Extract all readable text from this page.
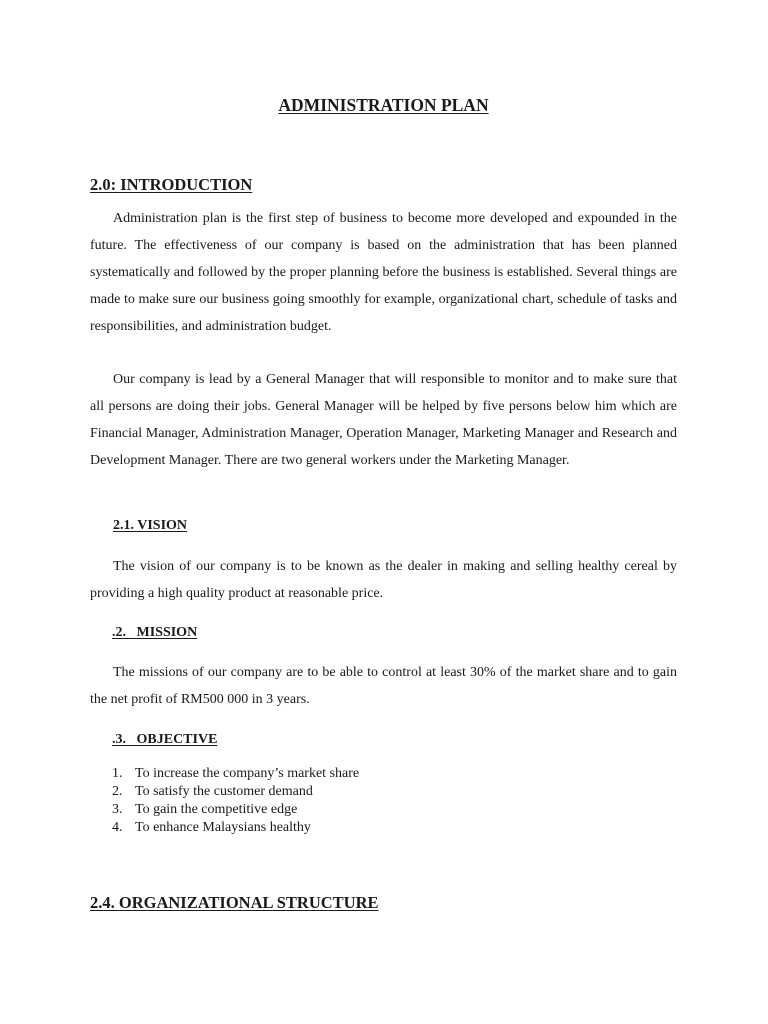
ADMINISTRATION PLAN
2.0: INTRODUCTION

Administration plan is the first step of business to become more developed and expounded in the future. The effectiveness of our company is based on the administration that has been planned systematically and followed by the proper planning before the business is established. Several things are made to make sure our business going smoothly for example, organizational chart, schedule of tasks and responsibilities, and administration budget.

Our company is lead by a General Manager that will responsible to monitor and to make sure that all persons are doing their jobs. General Manager will be helped by five persons below him which are Financial Manager, Administration Manager, Operation Manager, Marketing Manager and Research and Development Manager. There are two general workers under the Marketing Manager.

2.1. VISION

The vision of our company is to be known as the dealer in making and selling healthy cereal by providing a high quality product at reasonable price.

.2.   MISSION

The missions of our company are to be able to control at least 30% of the market share and to gain the net profit of RM500 000 in 3 years.

.3.   OBJECTIVE
1. To increase the company’s market share
2. To satisfy the customer demand
3. To gain the competitive edge
4. To enhance Malaysians healthy
2.4. ORGANIZATIONAL STRUCTURE
